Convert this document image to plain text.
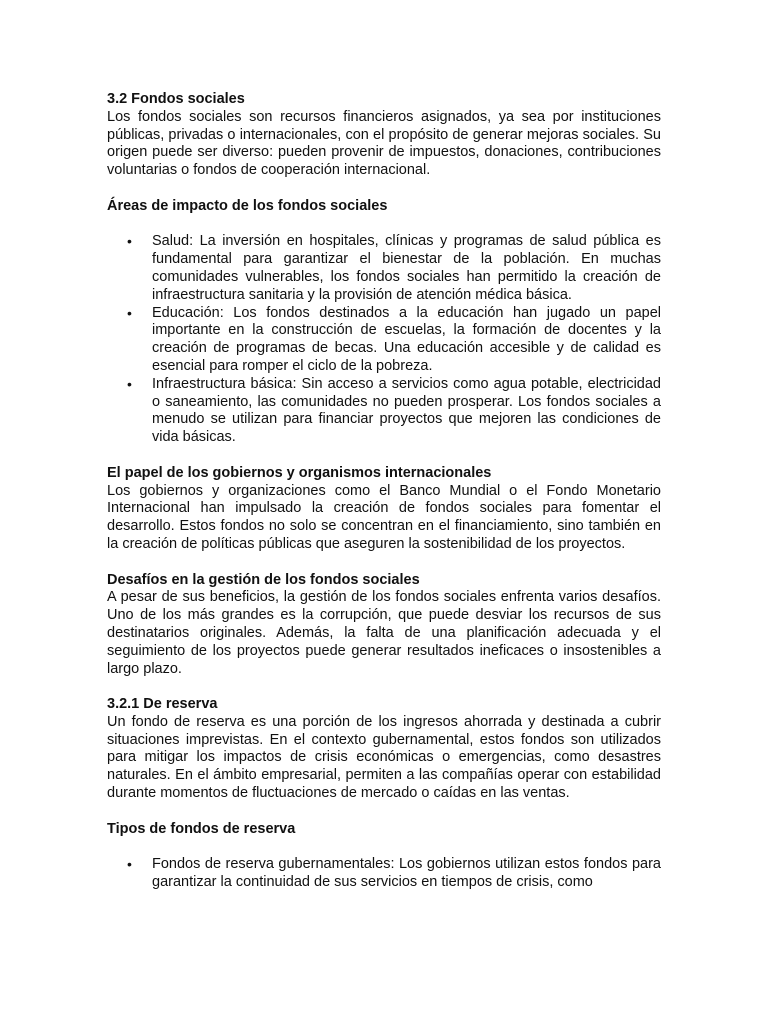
3.2 Fondos sociales

Los fondos sociales son recursos financieros asignados, ya sea por instituciones públicas, privadas o internacionales, con el propósito de generar mejoras sociales. Su origen puede ser diverso: pueden provenir de impuestos, donaciones, contribuciones voluntarias o fondos de cooperación internacional.

Áreas de impacto de los fondos sociales

• Salud: La inversión en hospitales, clínicas y programas de salud pública es fundamental para garantizar el bienestar de la población. En muchas comunidades vulnerables, los fondos sociales han permitido la creación de infraestructura sanitaria y la provisión de atención médica básica.
• Educación: Los fondos destinados a la educación han jugado un papel importante en la construcción de escuelas, la formación de docentes y la creación de programas de becas. Una educación accesible y de calidad es esencial para romper el ciclo de la pobreza.
• Infraestructura básica: Sin acceso a servicios como agua potable, electricidad o saneamiento, las comunidades no pueden prosperar. Los fondos sociales a menudo se utilizan para financiar proyectos que mejoren las condiciones de vida básicas.

El papel de los gobiernos y organismos internacionales

Los gobiernos y organizaciones como el Banco Mundial o el Fondo Monetario Internacional han impulsado la creación de fondos sociales para fomentar el desarrollo. Estos fondos no solo se concentran en el financiamiento, sino también en la creación de políticas públicas que aseguren la sostenibilidad de los proyectos.

Desafíos en la gestión de los fondos sociales

A pesar de sus beneficios, la gestión de los fondos sociales enfrenta varios desafíos. Uno de los más grandes es la corrupción, que puede desviar los recursos de sus destinatarios originales. Además, la falta de una planificación adecuada y el seguimiento de los proyectos puede generar resultados ineficaces o insostenibles a largo plazo.

3.2.1 De reserva

Un fondo de reserva es una porción de los ingresos ahorrada y destinada a cubrir situaciones imprevistas. En el contexto gubernamental, estos fondos son utilizados para mitigar los impactos de crisis económicas o emergencias, como desastres naturales. En el ámbito empresarial, permiten a las compañías operar con estabilidad durante momentos de fluctuaciones de mercado o caídas en las ventas.

Tipos de fondos de reserva

• Fondos de reserva gubernamentales: Los gobiernos utilizan estos fondos para garantizar la continuidad de sus servicios en tiempos de crisis, como
